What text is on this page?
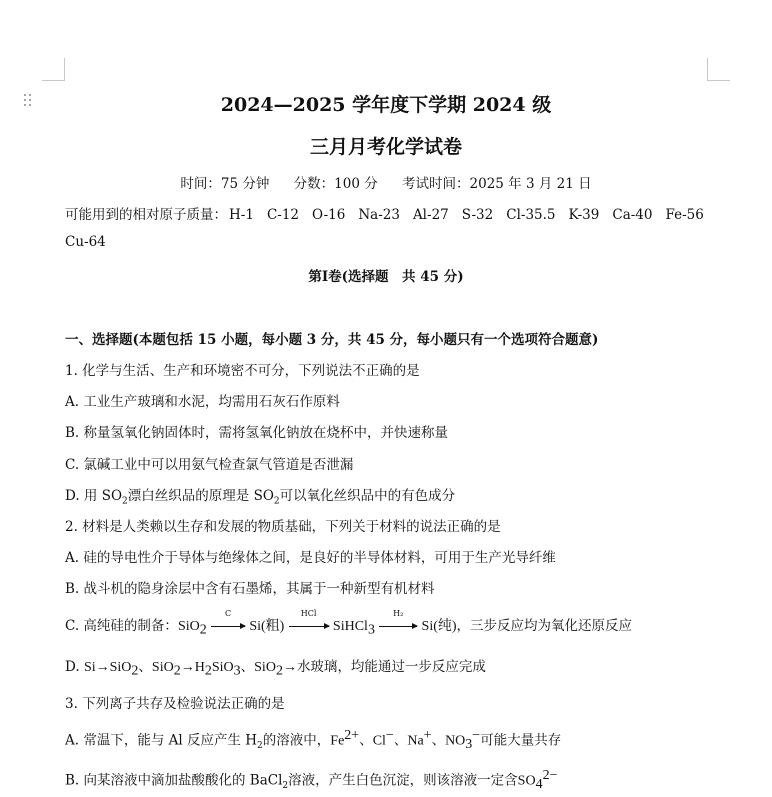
2024—2025 学年度下学期 2024 级
三月月考化学试卷
时间：75 分钟 分数：100 分 考试时间：2025 年 3 月 21 日
可能用到的相对原子质量： H-1 C-12 O-16 Na-23 Al-27 S-32 Cl-35.5 K-39 Ca-40 Fe-56
Cu-64
第Ⅰ卷(选择题　共 45 分)
一、选择题(本题包括 15 小题，每小题 3 分，共 45 分，每小题只有一个选项符合题意)
1. 化学与生活、生产和环境密不可分，下列说法不正确的是
A. 工业生产玻璃和水泥，均需用石灰石作原料
B. 称量氢氧化钠固体时，需将氢氧化钠放在烧杯中，并快速称量
C. 氯碱工业中可以用氨气检查氯气管道是否泄漏
D. 用 $SO_2$漂白丝织品的原理是 $SO_2$可以氧化丝织品中的有色成分
2. 材料是人类赖以生存和发展的物质基础，下列关于材料的说法正确的是
A. 硅的导电性介于导体与绝缘体之间，是良好的半导体材料，可用于生产光导纤维
B. 战斗机的隐身涂层中含有石墨烯，其属于一种新型有机材料
C. 高纯硅的制备：SiO$_2$
C
Si(粗)
HCl
SiHCl$_3$
H₂
Si(纯)，三步反应均为氧化还原反应
D. Si→SiO$_2$、$SiO_2\to H_2SiO_3$、SiO$_2$→水玻璃，均能通过一步反应完成
3. 下列离子共存及检验说法正确的是
A. 常温下，能与 Al 反应产生 $H_2$的溶液中，$Fe^{2+}$、Cl−、Na+、$NO_3^-$可能大量共存
B. 向某溶液中滴加盐酸酸化的 BaCl$_2$溶液，产生白色沉淀，则该溶液一定含$SO_4^{2-}$
